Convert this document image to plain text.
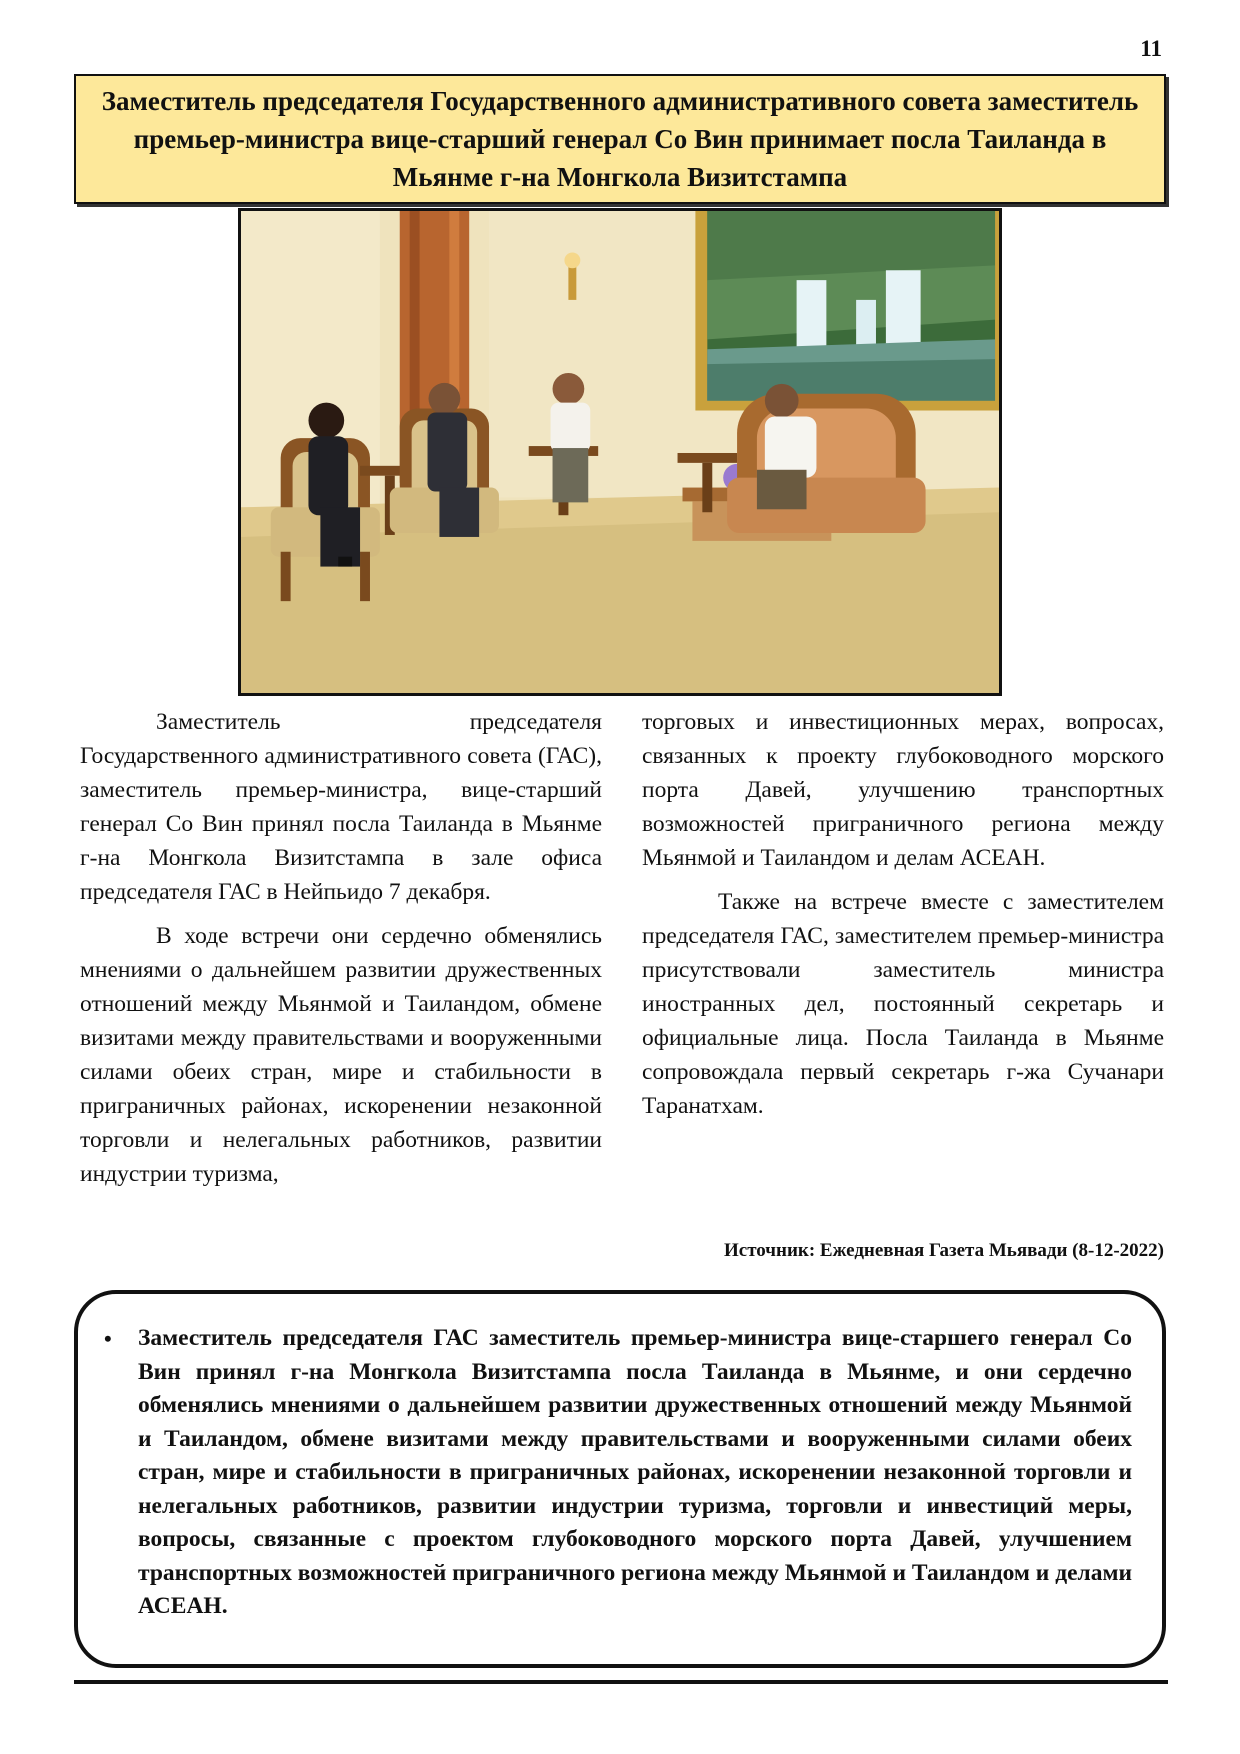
11
Заместитель председателя Государственного административного совета заместитель премьер-министра вице-старший генерал Со Вин принимает посла Таиланда в Мьянме г-на Монгкола Визитстампа

Заместитель председателя Государственного административного совета (ГАС), заместитель премьер-министра, вице-старший генерал Со Вин принял посла Таиланда в Мьянме г-на Монгкола Визитстампа в зале офиса председателя ГАС в Нейпьидо 7 декабря.

В ходе встречи они сердечно обменялись мнениями о дальнейшем развитии дружественных отношений между Мьянмой и Таиландом, обмене визитами между правительствами и вооруженными силами обеих стран, мире и стабильности в приграничных районах, искоренении незаконной торговли и нелегальных работников, развитии индустрии туризма,

торговых и инвестиционных мерах, вопросах, связанных к проекту глубоководного морского порта Давей, улучшению транспортных возможностей приграничного региона между Мьянмой и Таиландом и делам АСЕАН.

Также на встрече вместе с заместителем председателя ГАС, заместителем премьер-министра присутствовали заместитель министра иностранных дел, постоянный секретарь и официальные лица. Посла Таиланда в Мьянме сопровождала первый секретарь г-жа Сучанари Таранатхам.

Источник: Ежедневная Газета Мьявади (8-12-2022)
• Заместитель председателя ГАС заместитель премьер-министра вице-старшего генерал Со Вин принял г-на Монгкола Визитстампа посла Таиланда в Мьянме, и они сердечно обменялись мнениями о дальнейшем развитии дружественных отношений между Мьянмой и Таиландом, обмене визитами между правительствами и вооруженными силами обеих стран, мире и стабильности в приграничных районах, искоренении незаконной торговли и нелегальных работников, развитии индустрии туризма, торговли и инвестиций меры, вопросы, связанные с проектом глубоководного морского порта Давей, улучшением транспортных возможностей приграничного региона между Мьянмой и Таиландом и делами АСЕАН.
